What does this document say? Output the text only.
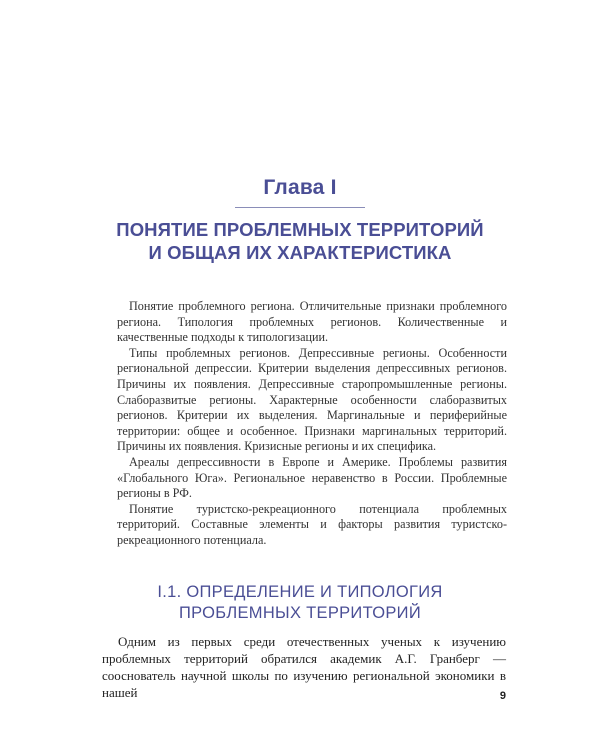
Глава I
ПОНЯТИЕ ПРОБЛЕМНЫХ ТЕРРИТОРИЙ
И ОБЩАЯ ИХ ХАРАКТЕРИСТИКА

Понятие проблемного региона. Отличительные признаки проблемного региона. Типология проблемных регионов. Количественные и качественные подходы к типологизации.

Типы проблемных регионов. Депрессивные регионы. Особенности региональной депрессии. Критерии выделения депрессивных регионов. Причины их появления. Депрессивные старопромышленные регионы. Слаборазвитые регионы. Характерные особенности слаборазвитых регионов. Критерии их выделения. Маргинальные и периферийные территории: общее и особенное. Признаки маргинальных территорий. Причины их появления. Кризисные регионы и их специфика.

Ареалы депрессивности в Европе и Америке. Проблемы развития «Глобального Юга». Региональное неравенство в России. Проблемные регионы в РФ.

Понятие туристско-рекреационного потенциала проблемных территорий. Составные элементы и факторы развития туристско-рекреационного потенциала.

I.1. ОПРЕДЕЛЕНИЕ И ТИПОЛОГИЯ
ПРОБЛЕМНЫХ ТЕРРИТОРИЙ

Одним из первых среди отечественных ученых к изучению проблемных территорий обратился академик А.Г. Гранберг — сооснователь научной школы по изучению региональной экономики в нашей	9
